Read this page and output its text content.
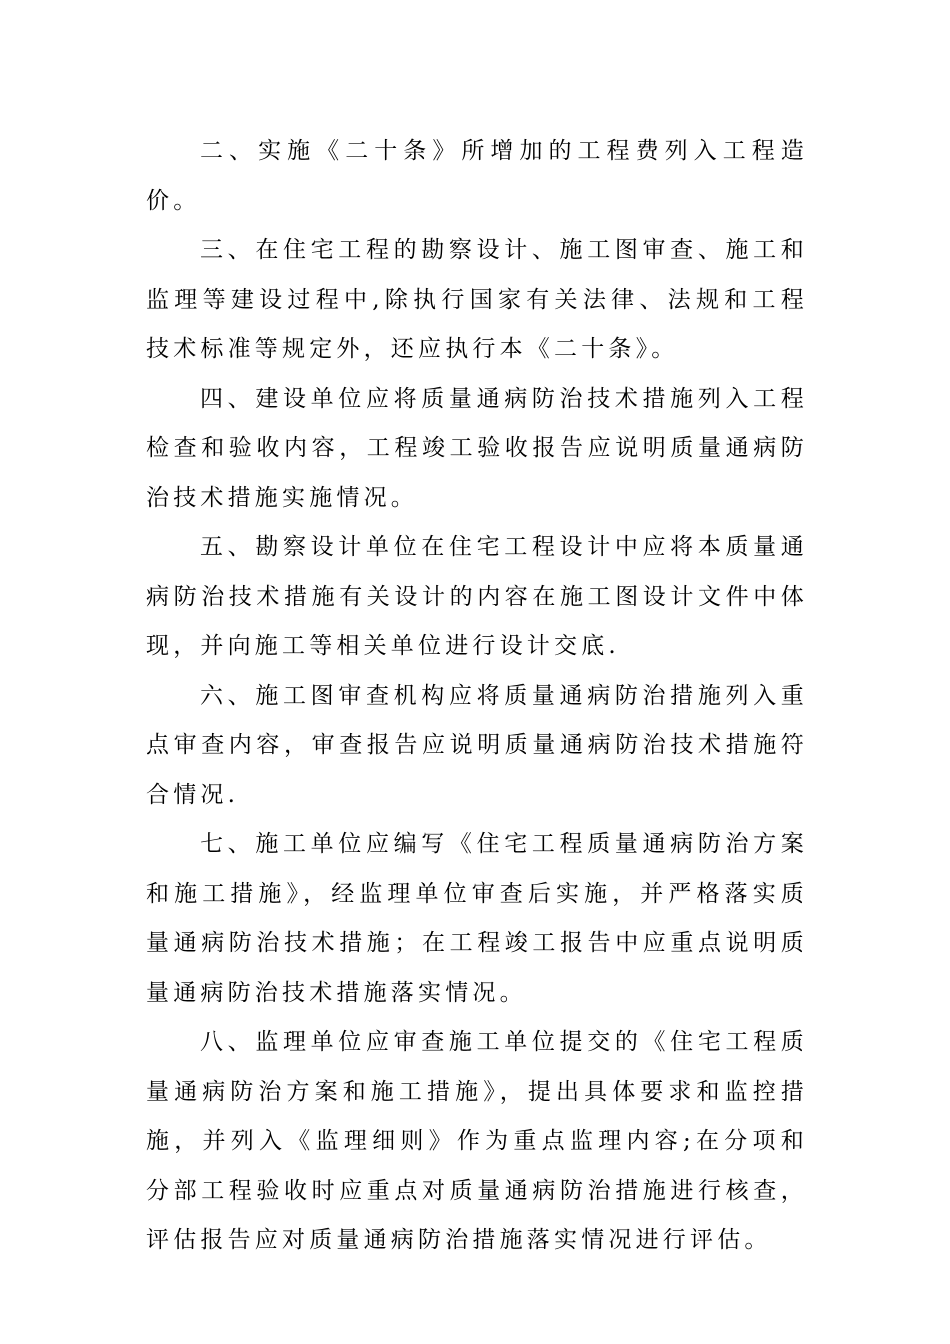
二、实施《二十条》所增加的工程费列入工程造价。

三、在住宅工程的勘察设计、施工图审查、施工和监理等建设过程中,除执行国家有关法律、法规和工程技术标准等规定外，还应执行本《二十条》。

四、建设单位应将质量通病防治技术措施列入工程检查和验收内容，工程竣工验收报告应说明质量通病防治技术措施实施情况。

五、勘察设计单位在住宅工程设计中应将本质量通病防治技术措施有关设计的内容在施工图设计文件中体现，并向施工等相关单位进行设计交底.

六、施工图审查机构应将质量通病防治措施列入重点审查内容，审查报告应说明质量通病防治技术措施符合情况.

七、施工单位应编写《住宅工程质量通病防治方案和施工措施》，经监理单位审查后实施，并严格落实质量通病防治技术措施；在工程竣工报告中应重点说明质量通病防治技术措施落实情况。

八、监理单位应审查施工单位提交的《住宅工程质量通病防治方案和施工措施》，提出具体要求和监控措施，并列入《监理细则》作为重点监理内容;在分项和分部工程验收时应重点对质量通病防治措施进行核查，评估报告应对质量通病防治措施落实情况进行评估。
